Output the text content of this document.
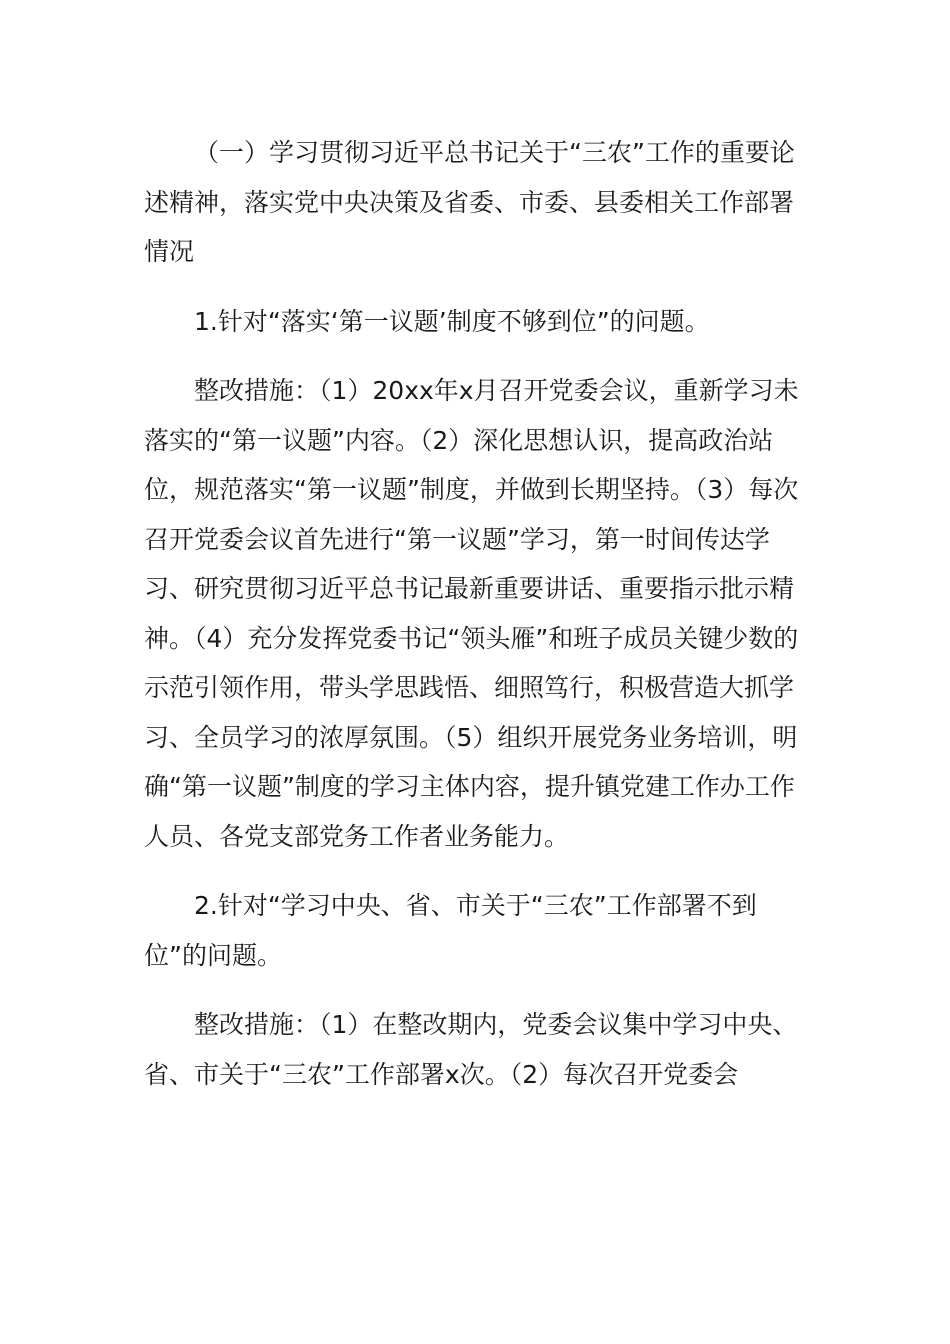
（一）学习贯彻习近平总书记关于“三农”工作的重要论述精神，落实党中央决策及省委、市委、县委相关工作部署情况

1.针对“落实‘第一议题’制度不够到位”的问题。

整改措施：（1）20xx年x月召开党委会议，重新学习未落实的“第一议题”内容。（2）深化思想认识，提高政治站位，规范落实“第一议题”制度，并做到长期坚持。（3）每次召开党委会议首先进行“第一议题”学习，第一时间传达学习、研究贯彻习近平总书记最新重要讲话、重要指示批示精神。（4）充分发挥党委书记“领头雁”和班子成员关键少数的示范引领作用，带头学思践悟、细照笃行，积极营造大抓学习、全员学习的浓厚氛围。（5）组织开展党务业务培训，明确“第一议题”制度的学习主体内容，提升镇党建工作办工作人员、各党支部党务工作者业务能力。

2.针对“学习中央、省、市关于“三农”工作部署不到位”的问题。

整改措施：（1）在整改期内，党委会议集中学习中央、省、市关于“三农”工作部署x次。（2）每次召开党委会
